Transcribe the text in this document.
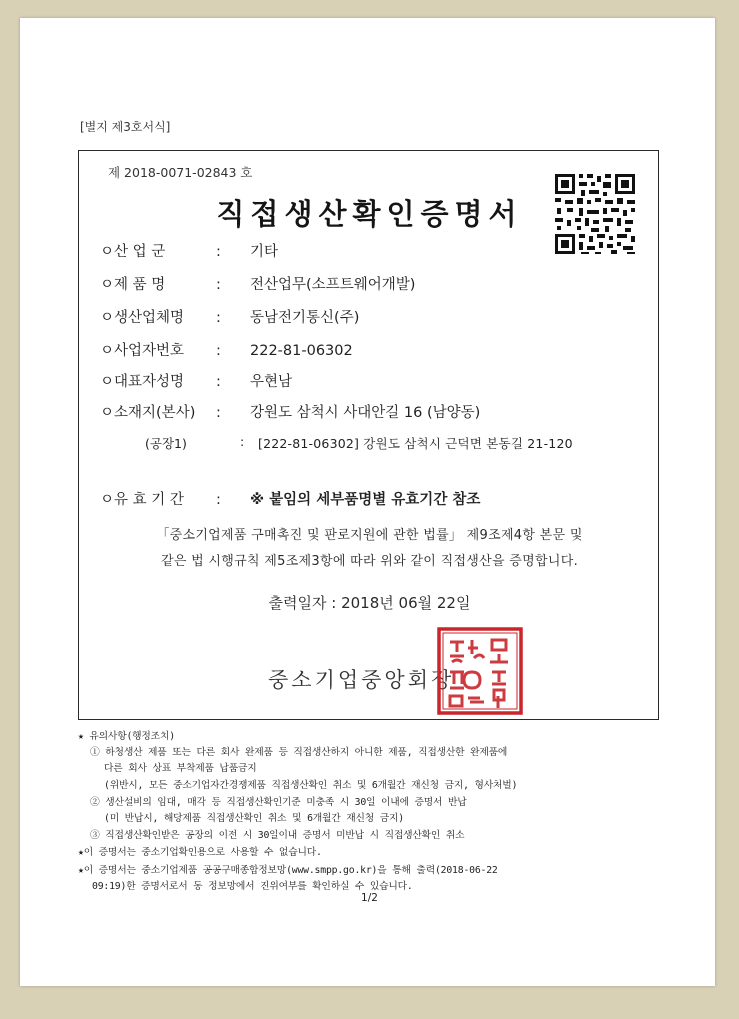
[별지 제3호서식]
제 2018-0071-02843 호
직접생산확인증명서
ㅇ산 업 군	: 기타
ㅇ제 품 명	: 전산업무(소프트웨어개발)
ㅇ생산업체명 : 동남전기통신(주)
ㅇ사업자번호 : 222-81-06302
ㅇ대표자성명 : 우현남
ㅇ소재지(본사) : 강원도 삼척시 사대안길 16 (남양동)
(공장1)	: [222-81-06302] 강원도 삼척시 근덕면 본동길 21-120
ㅇ유 효 기 간 : ※ 붙임의 세부품명별 유효기간 참조
「중소기업제품 구매촉진 및 판로지원에 관한 법률」 제9조제4항 본문 및
같은 법 시행규칙 제5조제3항에 따라 위와 같이 직접생산을 증명합니다.
출력일자 : 2018년 06월 22일
중소기업중앙회장
★ 유의사항(행정조치)
① 하청생산 제품 또는 다른 회사 완제품 등 직접생산하지 아니한 제품, 직접생산한 완제품에
다른 회사 상표 부착제품 납품금지
(위반시, 모든 중소기업자간경쟁제품 직접생산확인 취소 및 6개월간 재신청 금지, 형사처벌)
② 생산설비의 임대, 매각 등 직접생산확인기준 미충족 시 30일 이내에 증명서 반납
(미 반납시, 해당제품 직접생산확인 취소 및 6개월간 재신청 금지)
③ 직접생산확인받은 공장의 이전 시 30일이내 증명서 미반납 시 직접생산확인 취소
★이 증명서는 중소기업확인용으로 사용할 수 없습니다.
★이 증명서는 중소기업제품 공공구매종합정보망(www.smpp.go.kr)을 통해 출력(2018-06-22
09:19)한 증명서로서 동 정보망에서 진위여부를 확인하실 수 있습니다.
1/2
